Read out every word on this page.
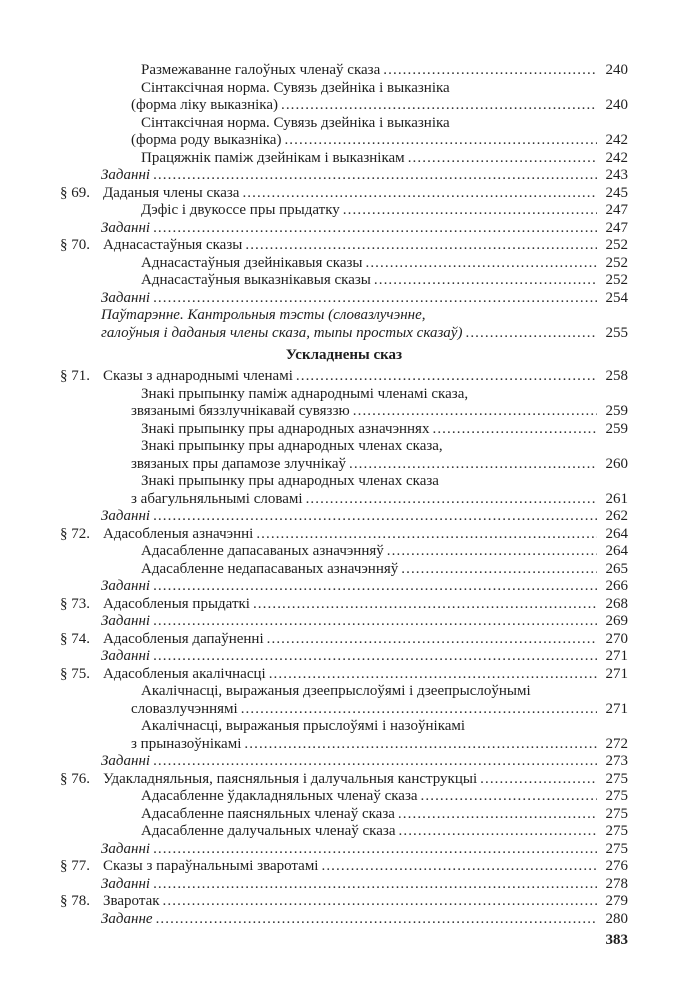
Размежаванне галоўных членаў сказа .....	240
Сінтаксічная норма. Сувязь дзейніка і выказніка
(форма ліку выказніка) .....	240
Сінтаксічная норма. Сувязь дзейніка і выказніка
(форма роду выказніка) .....	242
Працяжнік паміж дзейнікам і выказнікам .....	242
Заданні .....	243
§ 69. Даданыя члены сказа .....	245
Дэфіс і двукоссе пры прыдатку .....	247
Заданні .....	247
§ 70. Аднасастаўныя сказы .....	252
Аднасастаўныя дзейнікавыя сказы .....	252
Аднасастаўныя выказнікавыя сказы .....	252
Заданні .....	254
Паўтарэнне. Кантрольныя тэсты (словазлучэнне,
галоўныя і даданыя члены сказа, тыпы простых сказаў) .....	255
Ускладнены сказ
§ 71. Сказы з аднароднымі членамі .....	258
Знакі прыпынку паміж аднароднымі членамі сказа,
звязанымі бяззлучнікавай сувяззю .....	259
Знакі прыпынку пры аднародных азначэннях .....	259
Знакі прыпынку пры аднародных членах сказа,
звязаных пры дапамозе злучнікаў .....	260
Знакі прыпынку пры аднародных членах сказа
з абагульняльнымі словамі .....	261
Заданні .....	262
§ 72. Адасобленыя азначэнні .....	264
Адасабленне дапасаваных азначэнняў .....	264
Адасабленне недапасаваных азначэнняў .....	265
Заданні .....	266
§ 73. Адасобленыя прыдаткі .....	268
Заданні .....	269
§ 74. Адасобленыя дапаўненні .....	270
Заданні .....	271
§ 75. Адасобленыя акалічнасці .....	271
Акалічнасці, выражаныя дзеепрыслоўямі і дзеепрыслоўнымі
словазлучэннямі .....	271
Акалічнасці, выражаныя прыслоўямі і назоўнікамі
з прыназоўнікамі .....	272
Заданні .....	273
§ 76. Удакладняльныя, паясняльныя і далучальныя канструкцыі .....	275
Адасабленне ўдакладняльных членаў сказа .....	275
Адасабленне паясняльных членаў сказа .....	275
Адасабленне далучальных членаў сказа .....	275
Заданні .....	275
§ 77. Сказы з параўнальнымі зваротамі .....	276
Заданні .....	278
§ 78. Зваротак .....	279
Заданне .....	280
383
